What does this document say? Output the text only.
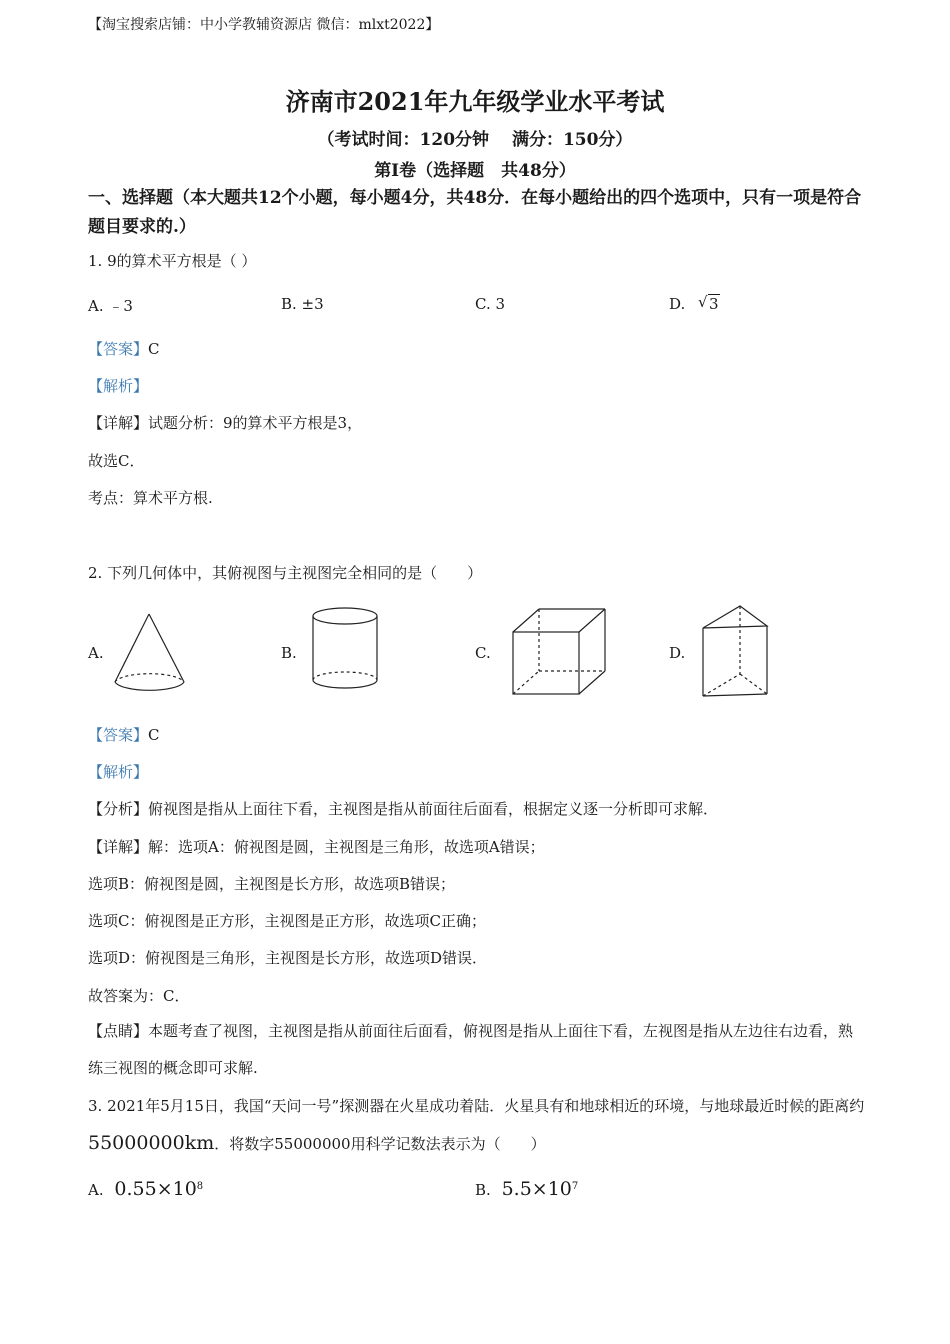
【淘宝搜索店铺：中小学教辅资源店 微信：mlxt2022】
济南市2021年九年级学业水平考试
（考试时间：120分钟　 满分：150分）
第Ⅰ卷（选择题　共48分）
一、选择题（本大题共12个小题，每小题4分，共48分．在每小题给出的四个选项中，只有一项是符合题目要求的.）
1. 9的算术平方根是（ ）
A. ﹣3	B. ±3	C. 3	D. √ 3
【答案】C
【解析】
【详解】试题分析：9的算术平方根是3，
故选C．
考点：算术平方根.
2. 下列几何体中，其俯视图与主视图完全相同的是（　　）
A.	B.	C.	D.
【答案】C
【解析】
【分析】俯视图是指从上面往下看，主视图是指从前面往后面看，根据定义逐一分析即可求解．
【详解】解：选项A：俯视图是圆，主视图是三角形，故选项A错误；
选项B：俯视图是圆，主视图是长方形，故选项B错误；
选项C：俯视图是正方形，主视图是正方形，故选项C正确；
选项D：俯视图是三角形，主视图是长方形，故选项D错误．
故答案为：C．
【点睛】本题考查了视图，主视图是指从前面往后面看，俯视图是指从上面往下看，左视图是指从左边往右边看，熟练三视图的概念即可求解.
3. 2021年5月15日，我国“天问一号”探测器在火星成功着陆．火星具有和地球相近的环境，与地球最近时候的距离约55000000km．将数字55000000用科学记数法表示为（　　）
A. $0.55\times 10^8$	B. $5.5\times 10^7$
